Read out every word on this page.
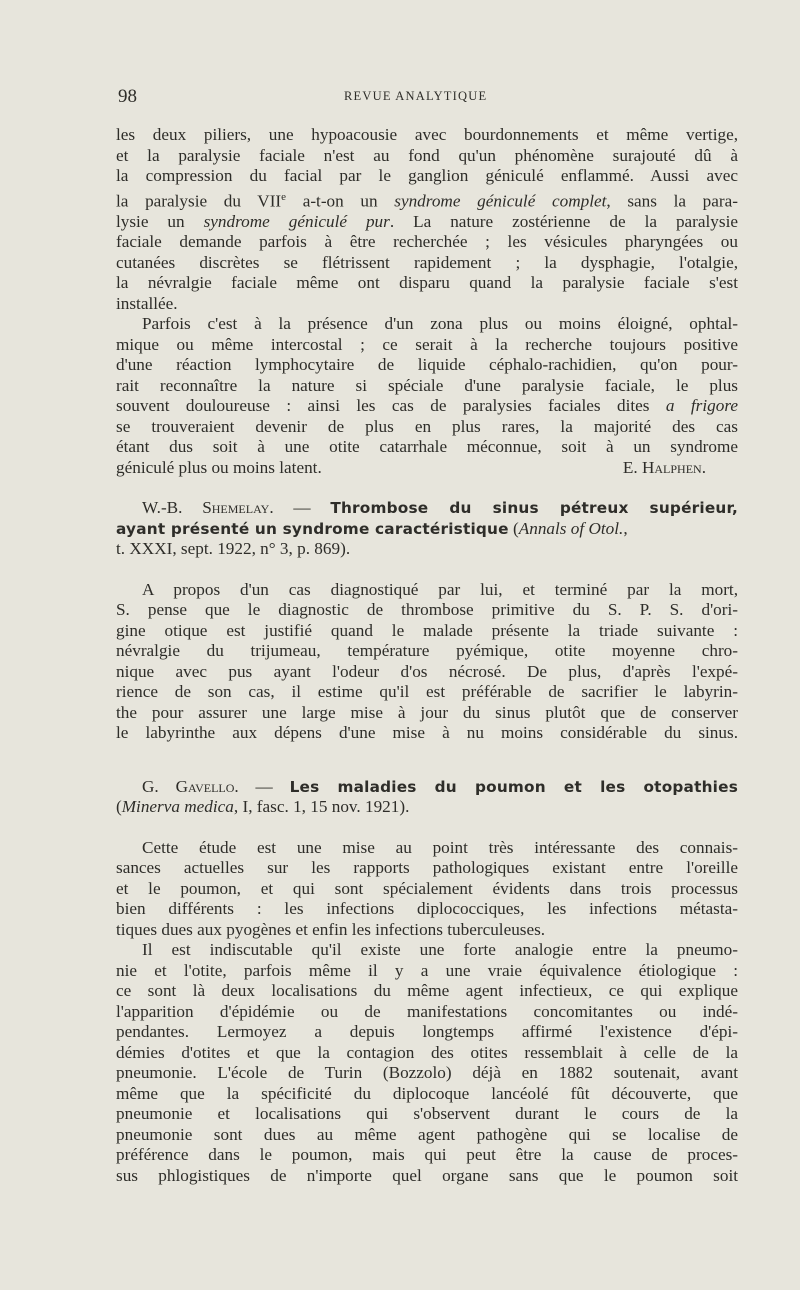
98	REVUE ANALYTIQUE

les deux piliers, une hypoacousie avec bourdonnements et même vertige,

et la paralysie faciale n'est au fond qu'un phénomène surajouté dû à

la compression du facial par le ganglion géniculé enflammé. Aussi avec

la paralysie du VIIe a-t-on un syndrome géniculé complet, sans la para-

lysie un syndrome géniculé pur. La nature zostérienne de la paralysie

faciale demande parfois à être recherchée ; les vésicules pharyngées ou

cutanées discrètes se flétrissent rapidement ; la dysphagie, l'otalgie,

la névralgie faciale même ont disparu quand la paralysie faciale s'est

installée.

Parfois c'est à la présence d'un zona plus ou moins éloigné, ophtal-

mique ou même intercostal ; ce serait à la recherche toujours positive

d'une réaction lymphocytaire de liquide céphalo-rachidien, qu'on pour-

rait reconnaître la nature si spéciale d'une paralysie faciale, le plus

souvent douloureuse : ainsi les cas de paralysies faciales dites a frigore

se trouveraient devenir de plus en plus rares, la majorité des cas

étant dus soit à une otite catarrhale méconnue, soit à un syndrome

géniculé plus ou moins latent.	E. Halphen.

W.-B. Shemelay. — Thrombose du sinus pétreux supérieur,

ayant présenté un syndrome caractéristique (Annals of Otol.,

t. XXXI, sept. 1922, n° 3, p. 869).

A propos d'un cas diagnostiqué par lui, et terminé par la mort,

S. pense que le diagnostic de thrombose primitive du S. P. S. d'ori-

gine otique est justifié quand le malade présente la triade suivante :

névralgie du trijumeau, température pyémique, otite moyenne chro-

nique avec pus ayant l'odeur d'os nécrosé. De plus, d'après l'expé-

rience de son cas, il estime qu'il est préférable de sacrifier le labyrin-

the pour assurer une large mise à jour du sinus plutôt que de conserver

le labyrinthe aux dépens d'une mise à nu moins considérable du sinus.

G. Gavello. — Les maladies du poumon et les otopathies

(Minerva medica, I, fasc. 1, 15 nov. 1921).

Cette étude est une mise au point très intéressante des connais-

sances actuelles sur les rapports pathologiques existant entre l'oreille

et le poumon, et qui sont spécialement évidents dans trois processus

bien différents : les infections diplococciques, les infections métasta-

tiques dues aux pyogènes et enfin les infections tuberculeuses.

Il est indiscutable qu'il existe une forte analogie entre la pneumo-

nie et l'otite, parfois même il y a une vraie équivalence étiologique :

ce sont là deux localisations du même agent infectieux, ce qui explique

l'apparition d'épidémie ou de manifestations concomitantes ou indé-

pendantes. Lermoyez a depuis longtemps affirmé l'existence d'épi-

démies d'otites et que la contagion des otites ressemblait à celle de la

pneumonie. L'école de Turin (Bozzolo) déjà en 1882 soutenait, avant

même que la spécificité du diplocoque lancéolé fût découverte, que

pneumonie et localisations qui s'observent durant le cours de la

pneumonie sont dues au même agent pathogène qui se localise de

préférence dans le poumon, mais qui peut être la cause de proces-

sus phlogistiques de n'importe quel organe sans que le poumon soit
